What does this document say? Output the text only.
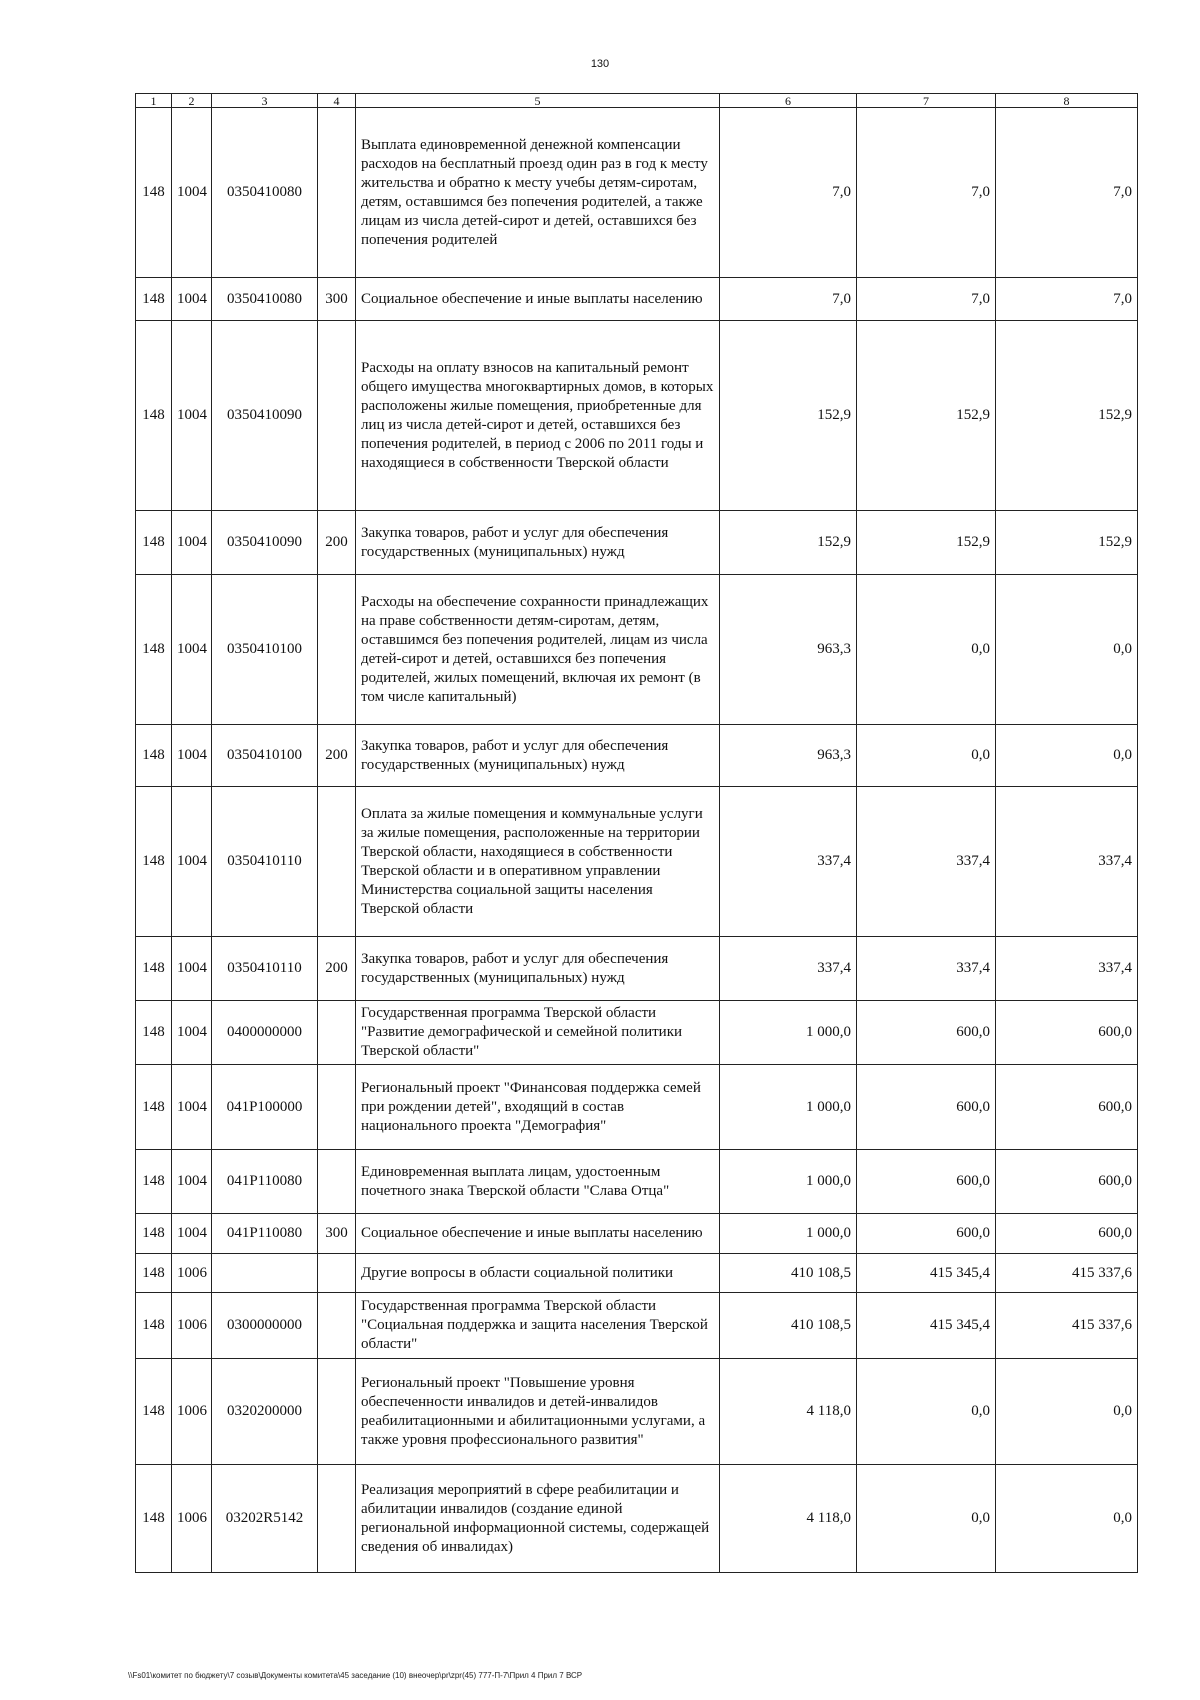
130
1	2	3	4	5	6	7	8
148	1004	0350410080		Выплата единовременной денежной компенсации расходов на бесплатный проезд один раз в год к месту жительства и обратно к месту учебы детям-сиротам, детям, оставшимся без попечения родителей, а также лицам из числа детей-сирот и детей, оставшихся без попечения родителей	7,0	7,0	7,0
148	1004	0350410080	300	Социальное обеспечение и иные выплаты населению	7,0	7,0	7,0
148	1004	0350410090		Расходы на оплату взносов на капитальный ремонт общего имущества многоквартирных домов, в которых расположены жилые помещения, приобретенные для лиц из числа детей-сирот и детей, оставшихся без попечения родителей, в период с 2006 по 2011 годы и находящиеся в собственности Тверской области	152,9	152,9	152,9
148	1004	0350410090	200	Закупка товаров, работ и услуг для обеспечения государственных (муниципальных) нужд	152,9	152,9	152,9
148	1004	0350410100		Расходы на обеспечение сохранности принадлежащих на праве собственности детям-сиротам, детям, оставшимся без попечения родителей, лицам из числа детей-сирот и детей, оставшихся без попечения родителей, жилых помещений, включая их ремонт (в том числе капитальный)	963,3	0,0	0,0
148	1004	0350410100	200	Закупка товаров, работ и услуг для обеспечения государственных (муниципальных) нужд	963,3	0,0	0,0
148	1004	0350410110		Оплата за жилые помещения и коммунальные услуги за жилые помещения, расположенные на территории Тверской области, находящиеся в собственности Тверской области и в оперативном управлении Министерства социальной защиты населения Тверской области	337,4	337,4	337,4
148	1004	0350410110	200	Закупка товаров, работ и услуг для обеспечения государственных (муниципальных) нужд	337,4	337,4	337,4
148	1004	0400000000		Государственная программа Тверской области "Развитие демографической и семейной политики Тверской области"	1 000,0	600,0	600,0
148	1004	041P100000		Региональный проект "Финансовая поддержка семей при рождении детей", входящий в состав национального проекта "Демография"	1 000,0	600,0	600,0
148	1004	041P110080		Единовременная выплата лицам, удостоенным почетного знака Тверской области "Слава Отца"	1 000,0	600,0	600,0
148	1004	041P110080	300	Социальное обеспечение и иные выплаты населению	1 000,0	600,0	600,0
148	1006			Другие вопросы в области социальной политики	410 108,5	415 345,4	415 337,6
148	1006	0300000000		Государственная программа Тверской области "Социальная поддержка и защита населения Тверской области"	410 108,5	415 345,4	415 337,6
148	1006	0320200000		Региональный проект "Повышение уровня обеспеченности инвалидов и детей-инвалидов реабилитационными и абилитационными услугами, а также уровня профессионального развития"	4 118,0	0,0	0,0
148	1006	03202R5142		Реализация мероприятий в сфере реабилитации и абилитации инвалидов (создание единой региональной информационной системы, содержащей сведения об инвалидах)	4 118,0	0,0	0,0
\\Fs01\комитет по бюджету\7 созыв\Документы комитета\45 заседание (10) внеочер\pr\zpr(45) 777-П-7\Прил 4 Прил 7 ВСР
